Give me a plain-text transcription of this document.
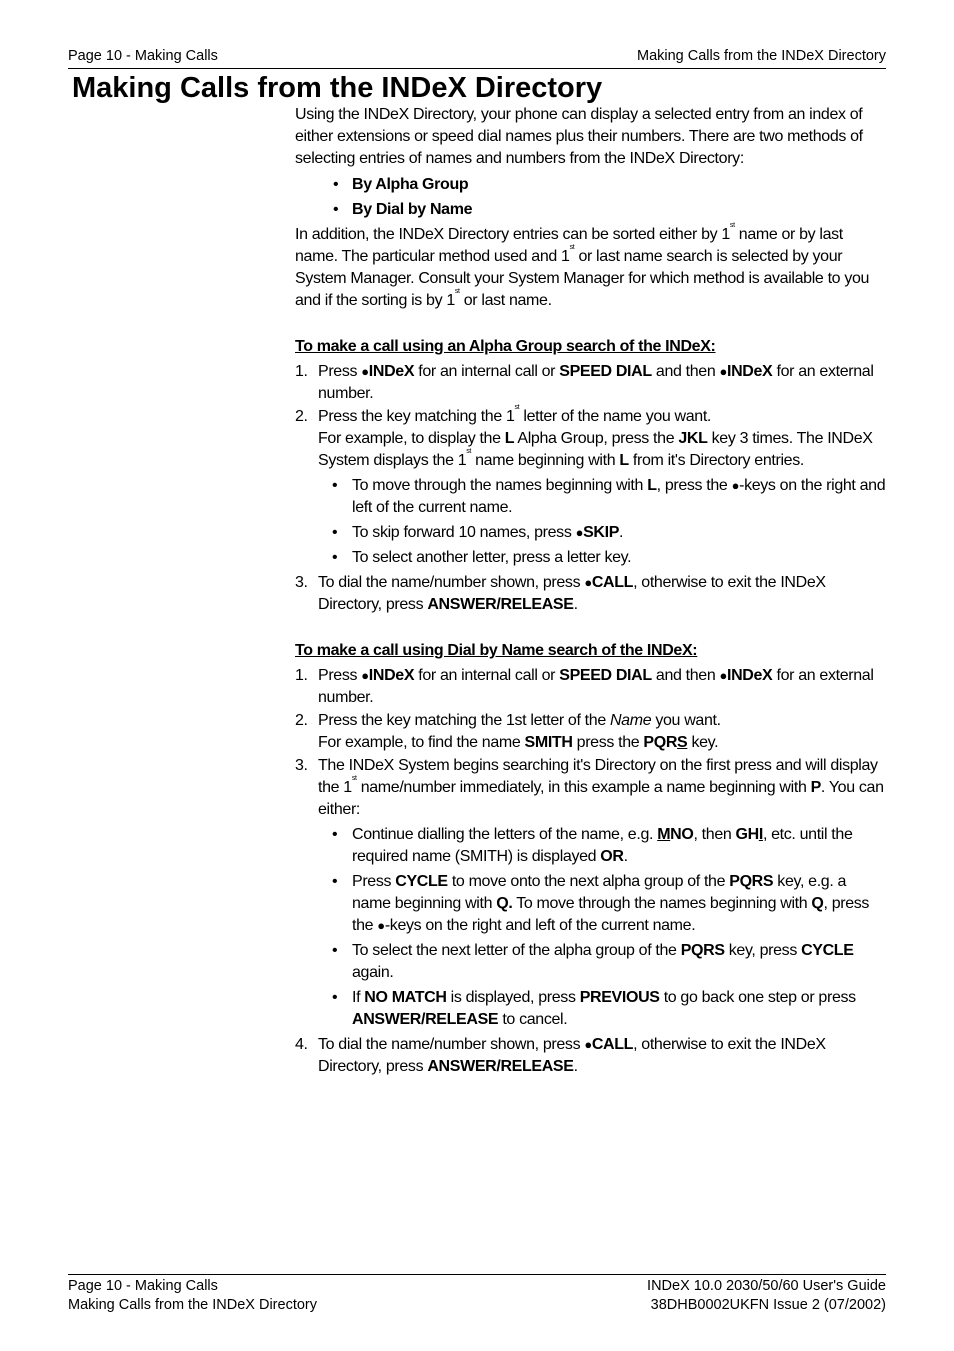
Page 10 - Making Calls	Making Calls from the INDeX Directory
Making Calls from the INDeX Directory

Using the INDeX Directory, your phone can display a selected entry from an index of either extensions or speed dial names plus their numbers. There are two methods of selecting entries of names and numbers from the INDeX Directory:

• By Alpha Group
• By Dial by Name

In addition, the INDeX Directory entries can be sorted either by 1st name or by last name. The particular method used and 1st or last name search is selected by your System Manager. Consult your System Manager for which method is available to you and if the sorting is by 1st or last name.

To make a call using an Alpha Group search of the INDeX:

1. Press ●INDeX for an internal call or SPEED DIAL and then ●INDeX for an external number.
2. Press the key matching the 1st letter of the name you want.
For example, to display the L Alpha Group, press the JKL key 3 times. The INDeX System displays the 1st name beginning with L from it's Directory entries.
• To move through the names beginning with L, press the ●-keys on the right and left of the current name.
• To skip forward 10 names, press ●SKIP.
• To select another letter, press a letter key.
3. To dial the name/number shown, press ●CALL, otherwise to exit the INDeX Directory, press ANSWER/RELEASE.

To make a call using Dial by Name search of the INDeX:

1. Press ●INDeX for an internal call or SPEED DIAL and then ●INDeX for an external number.
2. Press the key matching the 1st letter of the Name you want.
For example, to find the name SMITH press the PQRS key.
3. The INDeX System begins searching it's Directory on the first press and will display the 1st name/number immediately, in this example a name beginning with P. You can either:
• Continue dialling the letters of the name, e.g. MNO, then GHI, etc. until the required name (SMITH) is displayed OR.
• Press CYCLE to move onto the next alpha group of the PQRS key, e.g. a name beginning with Q. To move through the names beginning with Q, press the ●-keys on the right and left of the current name.
• To select the next letter of the alpha group of the PQRS key, press CYCLE again.
• If NO MATCH is displayed, press PREVIOUS to go back one step or press ANSWER/RELEASE to cancel.
4. To dial the name/number shown, press ●CALL, otherwise to exit the INDeX Directory, press ANSWER/RELEASE.
Page 10 - Making Calls
Making Calls from the INDeX Directory
INDeX 10.0 2030/50/60 User's Guide
38DHB0002UKFN Issue 2 (07/2002)
